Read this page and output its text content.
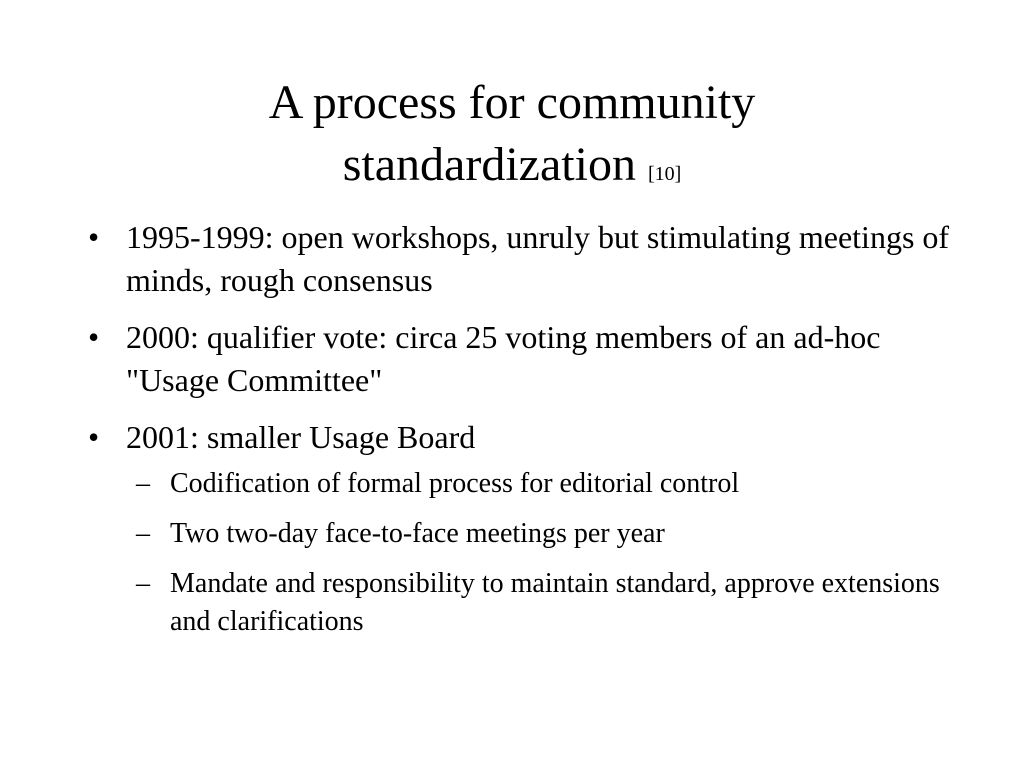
A process for community
standardization [10]
• 1995-1999: open workshops, unruly but stimulating meetings of minds, rough consensus
• 2000: qualifier vote: circa 25 voting members of an ad-hoc "Usage Committee"
• 2001: smaller Usage Board
– Codification of formal process for editorial control
– Two two-day face-to-face meetings per year
– Mandate and responsibility to maintain standard, approve extensions and clarifications
